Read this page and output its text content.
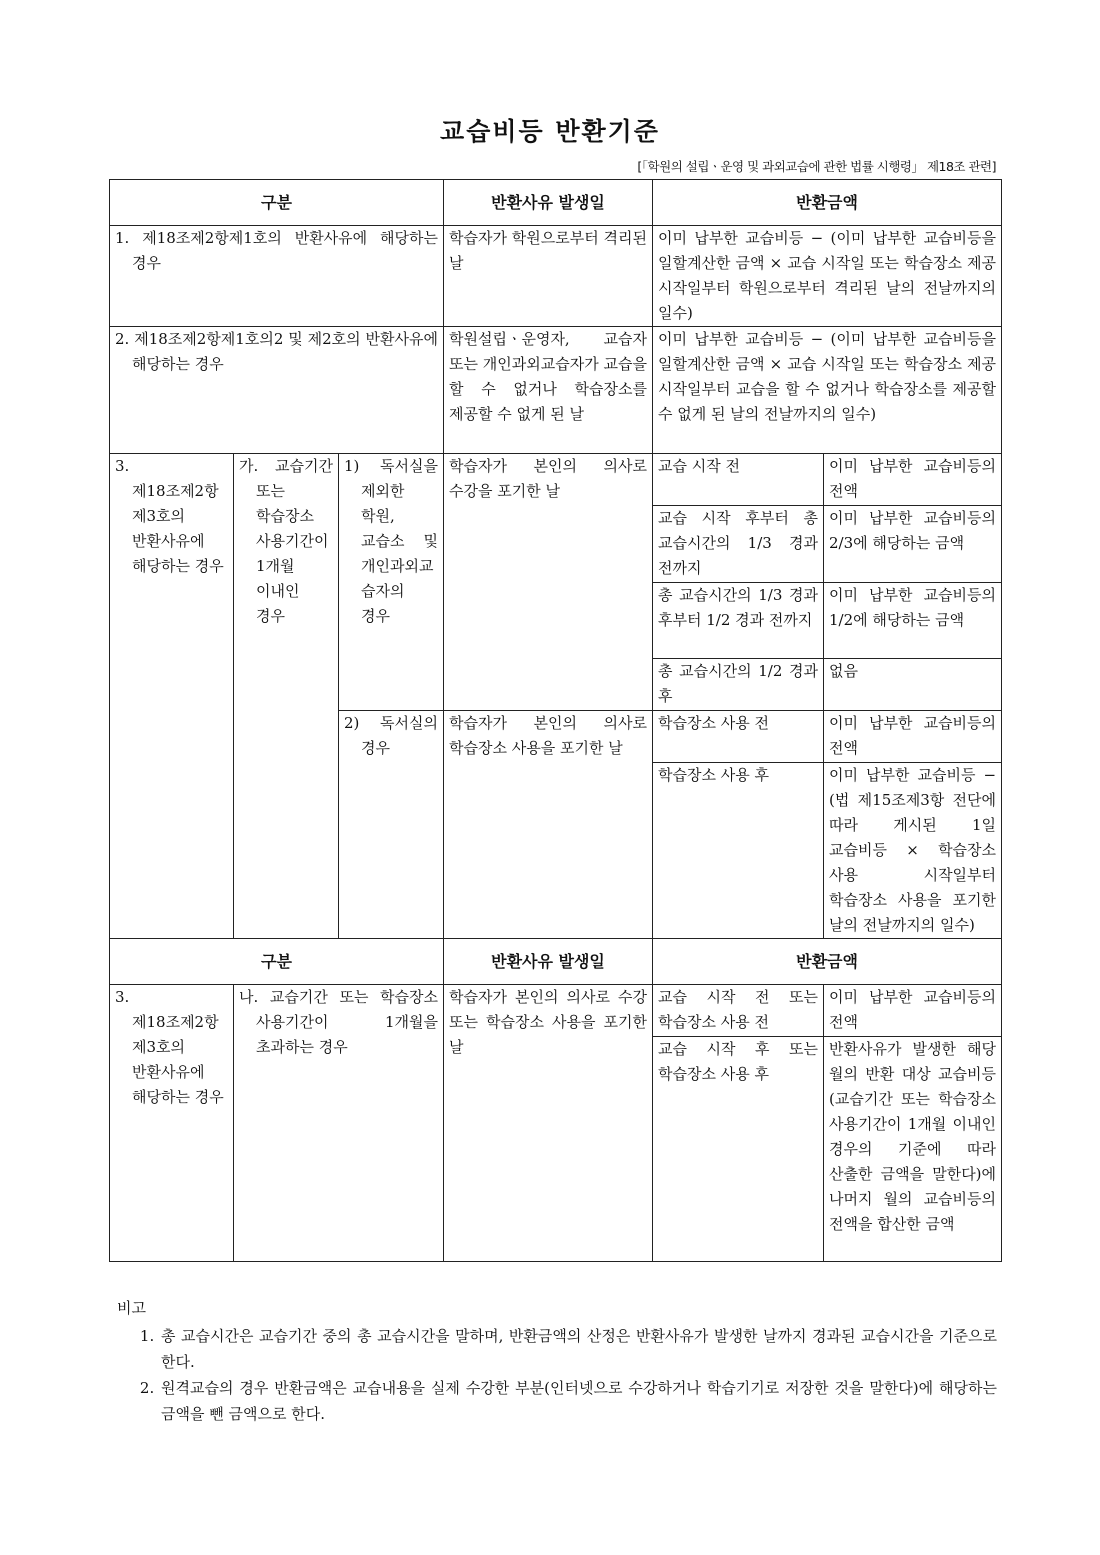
교습비등 반환기준
[「학원의 설립ㆍ운영 및 과외교습에 관한 법률 시행령」 제18조 관련]
구분			반환사유 발생일	반환금액	
1. 제18조제2항제1호의 반환사유에 해당하는 경우			학습자가 학원으로부터 격리된 날	이미 납부한 교습비등 − (이미 납부한 교습비등을 일할계산한 금액 × 교습 시작일 또는 학습장소 제공 시작일부터 학원으로부터 격리된 날의 전날까지의 일수)	
2. 제18조제2항제1호의2 및 제2호의 반환사유에 해당하는 경우			학원설립ㆍ운영자, 교습자 또는 개인과외교습자가 교습을 할 수 없거나 학습장소를 제공할 수 없게 된 날	이미 납부한 교습비등 − (이미 납부한 교습비등을 일할계산한 금액 × 교습 시작일 또는 학습장소 제공 시작일부터 교습을 할 수 없거나 학습장소를 제공할 수 없게 된 날의 전날까지의 일수)	
3. 제18조제2항제3호의 반환사유에 해당하는 경우	가. 교습기간 또는 학습장소 사용기간이 1개월 이내인 경우	1) 독서실을 제외한 학원, 교습소 및 개인과외교습자의 경우	학습자가 본인의 의사로 수강을 포기한 날	교습 시작 전	이미 납부한 교습비등의 전액
				교습 시작 후부터 총 교습시간의 1/3 경과 전까지	이미 납부한 교습비등의 2/3에 해당하는 금액
				총 교습시간의 1/3 경과 후부터 1/2 경과 전까지	이미 납부한 교습비등의 1/2에 해당하는 금액
				총 교습시간의 1/2 경과 후	없음
		2) 독서실의 경우	학습자가 본인의 의사로 학습장소 사용을 포기한 날	학습장소 사용 전	이미 납부한 교습비등의 전액
				학습장소 사용 후	이미 납부한 교습비등 − (법 제15조제3항 전단에 따라 게시된 1일 교습비등 × 학습장소 사용 시작일부터 학습장소 사용을 포기한 날의 전날까지의 일수)
구분			반환사유 발생일	반환금액	
3. 제18조제2항제3호의 반환사유에 해당하는 경우	나. 교습기간 또는 학습장소 사용기간이 1개월을 초과하는 경우		학습자가 본인의 의사로 수강 또는 학습장소 사용을 포기한 날	교습 시작 전 또는 학습장소 사용 전	이미 납부한 교습비등의 전액
				교습 시작 후 또는 학습장소 사용 후	반환사유가 발생한 해당 월의 반환 대상 교습비등(교습기간 또는 학습장소 사용기간이 1개월 이내인 경우의 기준에 따라 산출한 금액을 말한다)에 나머지 월의 교습비등의 전액을 합산한 금액

비고

1. 총 교습시간은 교습기간 중의 총 교습시간을 말하며, 반환금액의 산정은 반환사유가 발생한 날까지 경과된 교습시간을 기준으로 한다.
2. 원격교습의 경우 반환금액은 교습내용을 실제 수강한 부분(인터넷으로 수강하거나 학습기기로 저장한 것을 말한다)에 해당하는 금액을 뺀 금액으로 한다.
